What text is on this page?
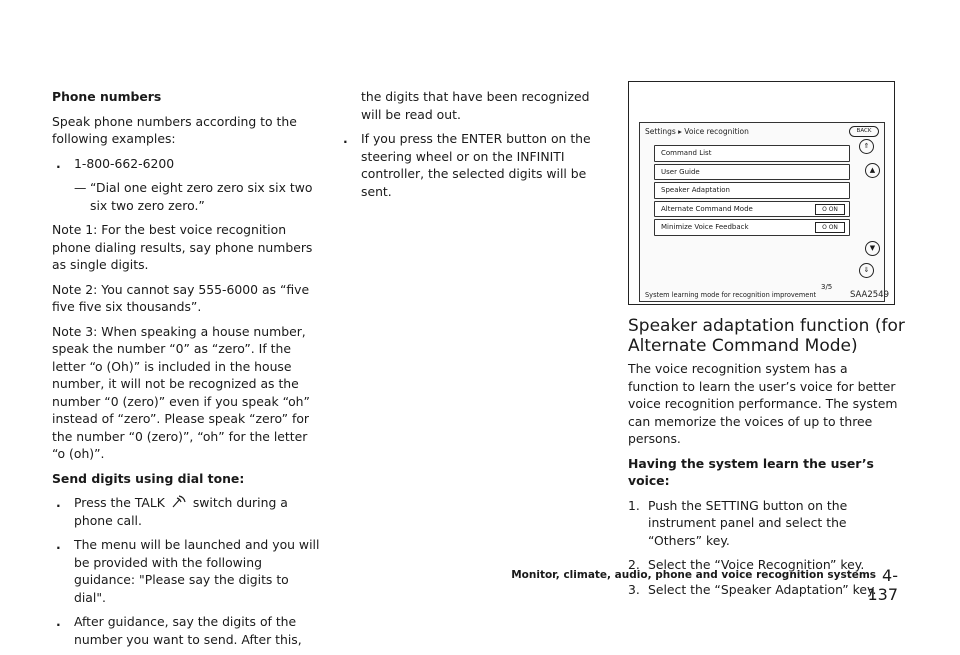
Phone numbers

Speak phone numbers according to the following examples:

. 1-800-662-6200
— “Dial one eight zero zero six six two six two zero zero.”

Note 1: For the best voice recognition phone dialing results, say phone numbers as single digits.

Note 2: You cannot say 555-6000 as “five five five six thousands”.

Note 3: When speaking a house number, speak the number “0” as “zero”. If the letter “o (Oh)” is included in the house number, it will not be recognized as the number “0 (zero)” even if you speak “oh” instead of “zero”. Please speak “zero” for the number “0 (zero)”, “oh” for the letter “o (oh)”.

Send digits using dial tone:

. Press the TALK switch during a phone call.
. The menu will be launched and you will be provided with the following guidance: "Please say the digits to dial".
. After guidance, say the digits of the number you want to send. After this,

the digits that have been recognized will be read out.

. If you press the ENTER button on the steering wheel or on the INFINITI controller, the selected digits will be sent.
Settings ▸ Voice recognition	BACK
Command List
User Guide
Speaker Adaptation
Alternate Command Mode	O ON
Minimize Voice Feedback	O ON
⇑
▲
▼
⇓
3/5
System learning mode for recognition improvement	SAA2549
Speaker adaptation function (for Alternate Command Mode)

The voice recognition system has a function to learn the user’s voice for better voice recognition performance. The system can memorize the voices of up to three persons.

Having the system learn the user’s voice:

1. Push the SETTING button on the instrument panel and select the “Others” key.
2. Select the “Voice Recognition” key.
3. Select the “Speaker Adaptation” key.
Monitor, climate, audio, phone and voice recognition systems 4-137
